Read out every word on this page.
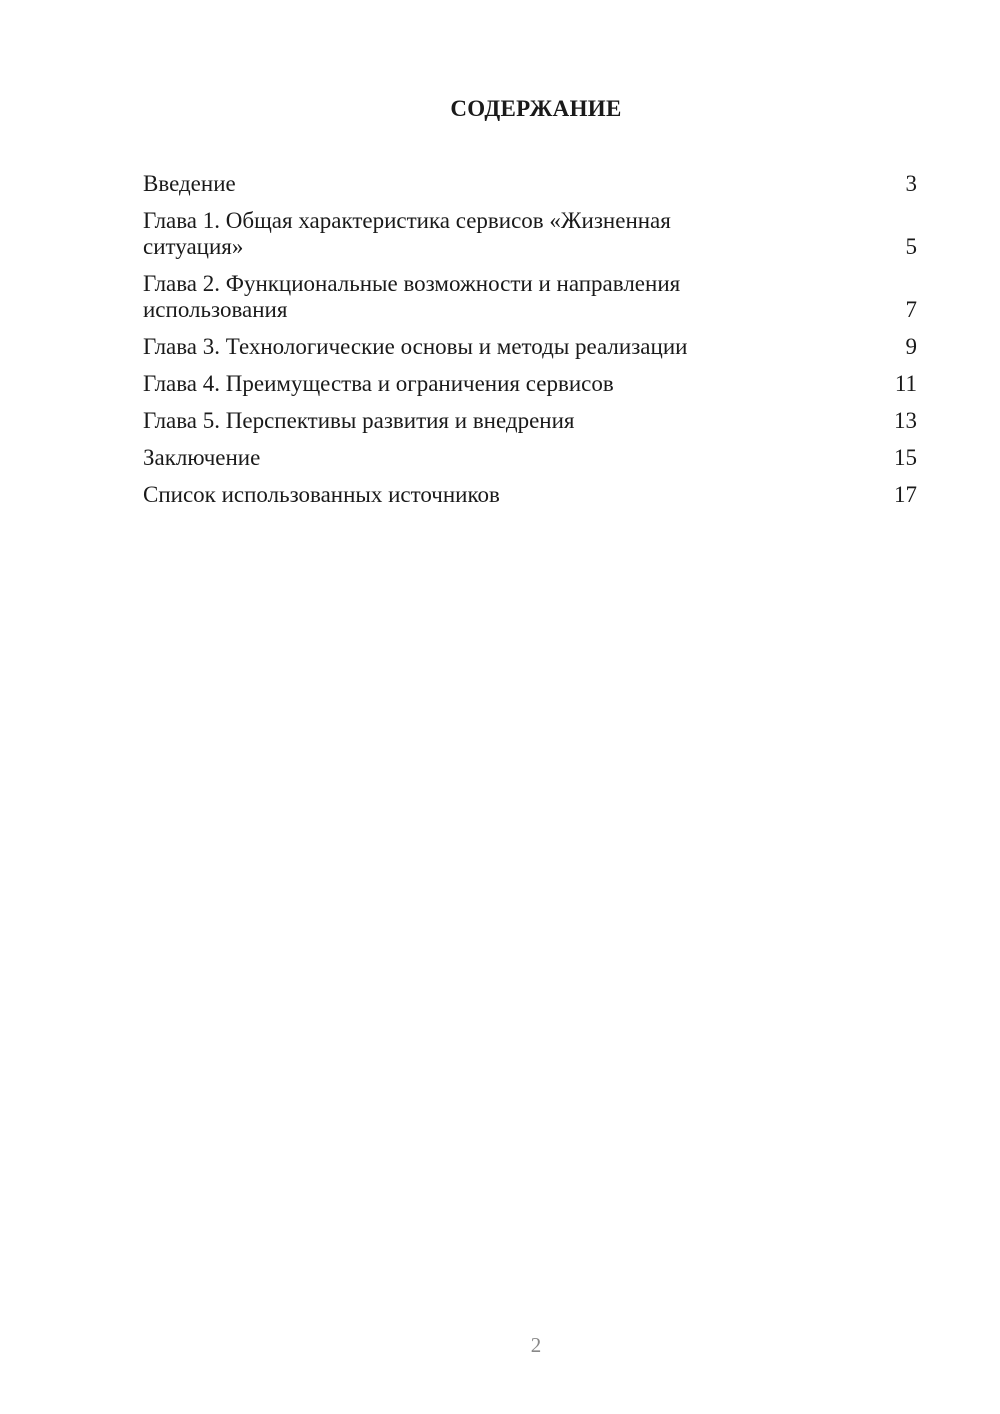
СОДЕРЖАНИЕ
Введение	3
Глава 1. Общая характеристика сервисов «Жизненная
ситуация»	5
Глава 2. Функциональные возможности и направления
использования	7
Глава 3. Технологические основы и методы реализации	9
Глава 4. Преимущества и ограничения сервисов	11
Глава 5. Перспективы развития и внедрения	13
Заключение	15
Список использованных источников	17
2
